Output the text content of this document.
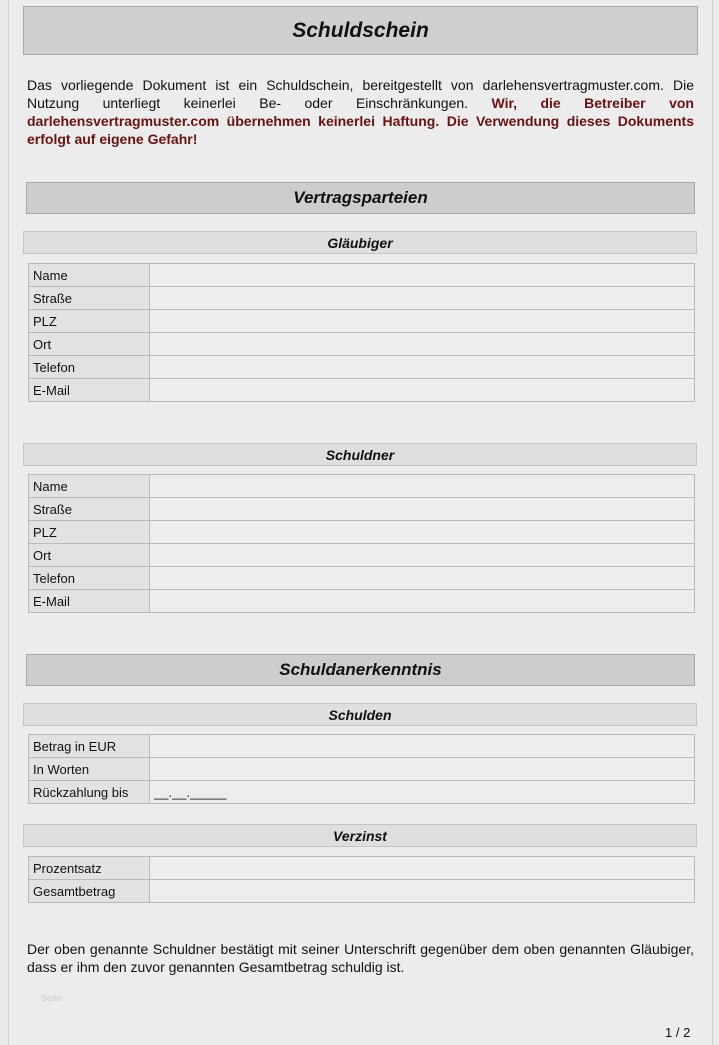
Schuldschein

Das vorliegende Dokument ist ein Schuldschein, bereitgestellt von darlehensvertragmuster.com. Die Nutzung unterliegt keinerlei Be- oder Einschränkungen. Wir, die Betreiber von darlehensvertragmuster.com übernehmen keinerlei Haftung. Die Verwendung dieses Dokuments erfolgt auf eigene Gefahr!

Vertragsparteien
Gläubiger
Name	
Straße	
PLZ	
Ort	
Telefon	
E-Mail	
Schuldner
Name	
Straße	
PLZ	
Ort	
Telefon	
E-Mail	
Schuldanerkenntnis
Schulden
Betrag in EUR	
In Worten	
Rückzahlung bis	__.__._____
Verzinst
Prozentsatz	
Gesamtbetrag	

Der oben genannte Schuldner bestätigt mit seiner Unterschrift gegenüber dem oben genannten Gläubiger, dass er ihm den zuvor genannten Gesamtbetrag schuldig ist.

Seite
1 / 2
